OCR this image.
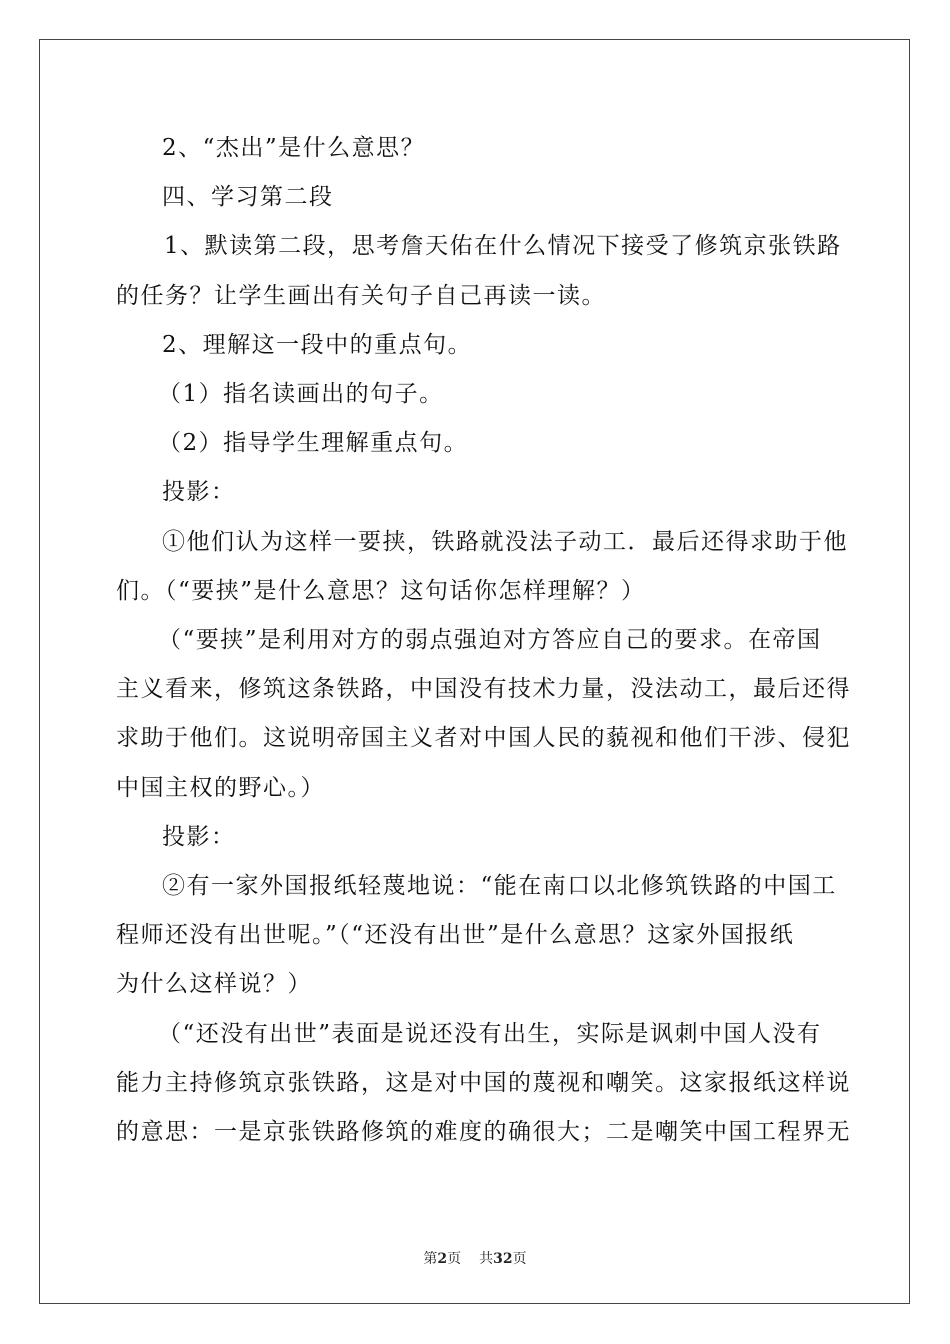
2、“杰出”是什么意思？
四、学习第二段
1、默读第二段，思考詹天佑在什么情况下接受了修筑京张铁路
的任务？让学生画出有关句子自己再读一读。
2、理解这一段中的重点句。
（1）指名读画出的句子。
（2）指导学生理解重点句。
投影：
①他们认为这样一要挟，铁路就没法子动工．最后还得求助于他
们。（“要挟”是什么意思？这句话你怎样理解？）
（“要挟”是利用对方的弱点强迫对方答应自己的要求。在帝国
主义看来，修筑这条铁路，中国没有技术力量，没法动工，最后还得
求助于他们。这说明帝国主义者对中国人民的藐视和他们干涉、侵犯
中国主权的野心。）
投影：
②有一家外国报纸轻蔑地说：“能在南口以北修筑铁路的中国工
程师还没有出世呢。”（“还没有出世”是什么意思？这家外国报纸
为什么这样说？）
（“还没有出世”表面是说还没有出生，实际是讽刺中国人没有
能力主持修筑京张铁路，这是对中国的蔑视和嘲笑。这家报纸这样说
的意思：一是京张铁路修筑的难度的确很大；二是嘲笑中国工程界无
第2页 共32页
